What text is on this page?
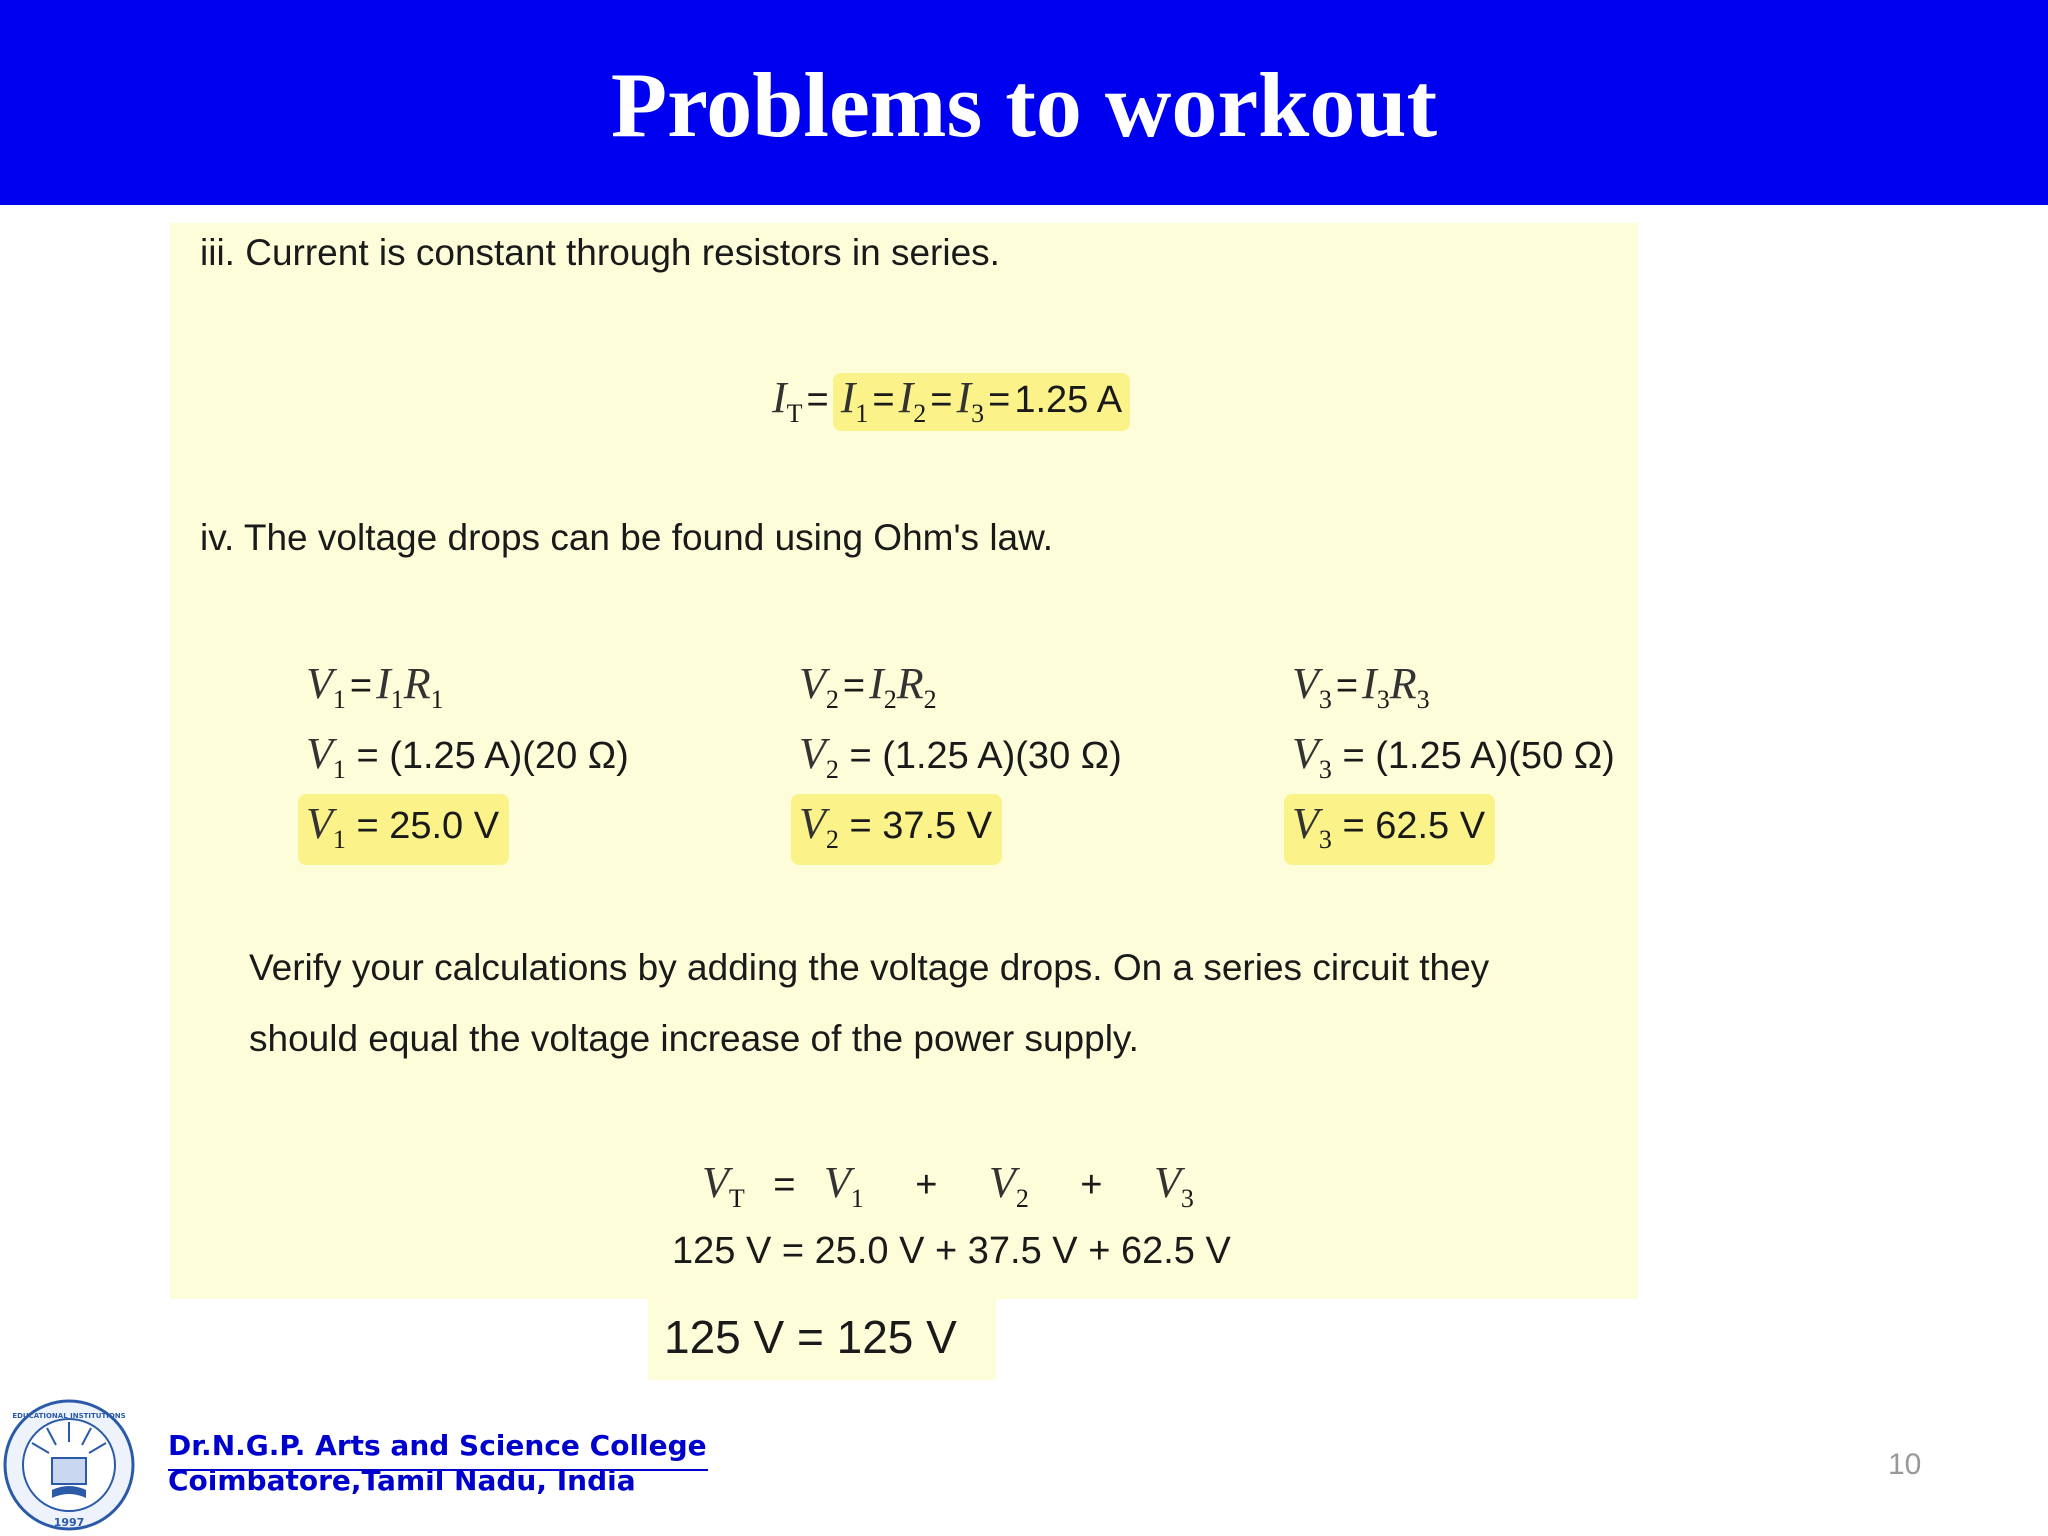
Problems to workout
iii. Current is constant through resistors in series.
$I_T = I_1 =I_2 =I_3 = 1.25$ A
iv. The voltage drops can be found using Ohm's law.
$V_1 =I_1R_1$
$V_1 = (1.25$ A)(20 Ω)
$V_1 = 25.0$ V
$V_2 =I_2R_2$
$V_2 = (1.25$ A)(30 Ω)
$V_2 = 37.5$ V
$V_3 =I_3R_3$
$V_3 = (1.25$ A)(50 Ω)
$V_3 = 62.5$ V
Verify your calculations by adding the voltage drops. On a series circuit they
should equal the voltage increase of the power supply.
$V_T = V_1 + V_2 + V_3$
125 V = 25.0 V + 37.5 V + 62.5 V
125 V = 125 V
1997
EDUCATIONAL INSTITUTIONS
Dr.N.G.P. Arts and Science College
Coimbatore,Tamil Nadu, India	10
